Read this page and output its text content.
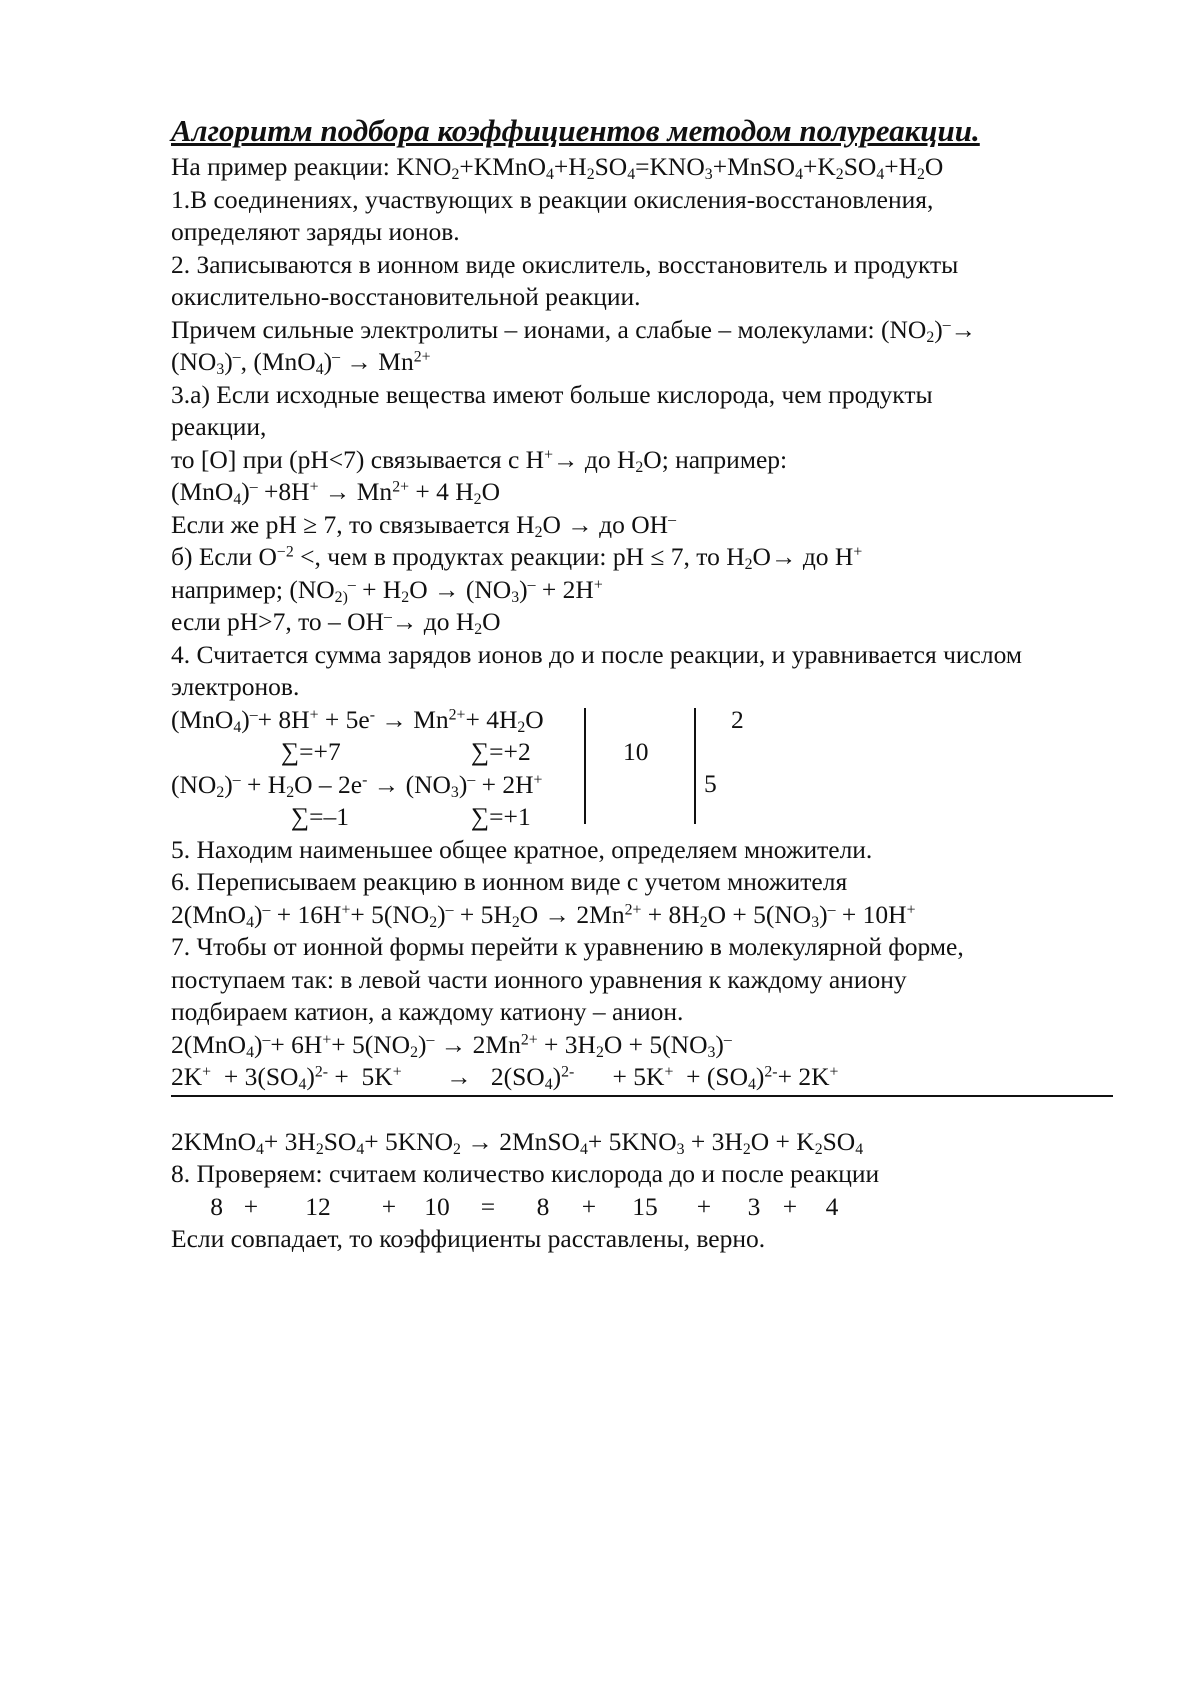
Алгоритм подбора коэффициентов методом полуреакции.
На пример реакции: $KNO_2+KMnO_4+H_2SO_4=KNO_3+MnSO_4+K_2SO_4+H_2O$
1.В соединениях, участвующих в реакции окисления-восстановления,
определяют заряды ионов.
2. Записываются в ионном виде окислитель, восстановитель и продукты
окислительно-восстановительной реакции.
Причем сильные электролиты – ионами, а слабые – молекулами: $(NO_2)^-\to$
$(NO_3)^-$, $(MnO_4)^- \to Mn^{2+}$
3.а) Если исходные вещества имеют больше кислорода, чем продукты
реакции,
то [O] при (pH<7) связывается с H+→ до $H_2O$; например:
$(MnO_4)^- +8H^+ \to Mn^{2+} + 4$ $H_2O$
Если же pH ≥ 7, то связывается $H_2O$ → до OH–
б) Если $O^{-2}$ <, чем в продуктах реакции: pH ≤ 7, то $H_2O\to$ до H+
например; ($NO_{2)}^- + H_2O \to (NO_3)^- + 2H^+$
если pH>7, то – OH–→ до $H_2O$
4. Считается сумма зарядов ионов до и после реакции, и уравнивается числом
электронов.
$(MnO_4)^-+ 8H^+ + 5e^- \to Mn^{2+}+ 4H_2O$
∑=+7	∑=+2
$(NO_2)^- + H_2O - 2e^- \to (NO_3)^- + 2H^+$
∑=–1	∑=+1
10
2
5
5. Находим наименьшее общее кратное, определяем множители.
6. Переписываем реакцию в ионном виде с учетом множителя
$2(MnO_4)^- + 16H^++ 5(NO_2)^- + 5H_2O \to 2Mn^{2+} + 8H_2O + 5(NO_3)^- + 10H^+$
7. Чтобы от ионной формы перейти к уравнению в молекулярной форме,
поступаем так: в левой части ионного уравнения к каждому аниону
подбираем катион, а каждому катиону – анион.
$2(MnO_4)^-+ 6H^++ 5(NO_2)^- \to 2Mn^{2+} + 3H_2O + 5(NO_3)^-$
$2K^+ + 3(SO_4)^{2-} + 5K^+$       →   $2(SO_4)^{2-}$      + $5K^+ + (SO_4)^{2-}+ 2K^+$
2KMnO$_4$+ $3H_2SO_4+ 5KNO_2$ → 2MnSO$_4$+ $5KNO_3 + 3H_2O + K_2SO_4$
8. Проверяем: считаем количество кислорода до и после реакции
8 + 12 + 10 = 8 + 15 + 3 + 4
Если совпадает, то коэффициенты расставлены, верно.
